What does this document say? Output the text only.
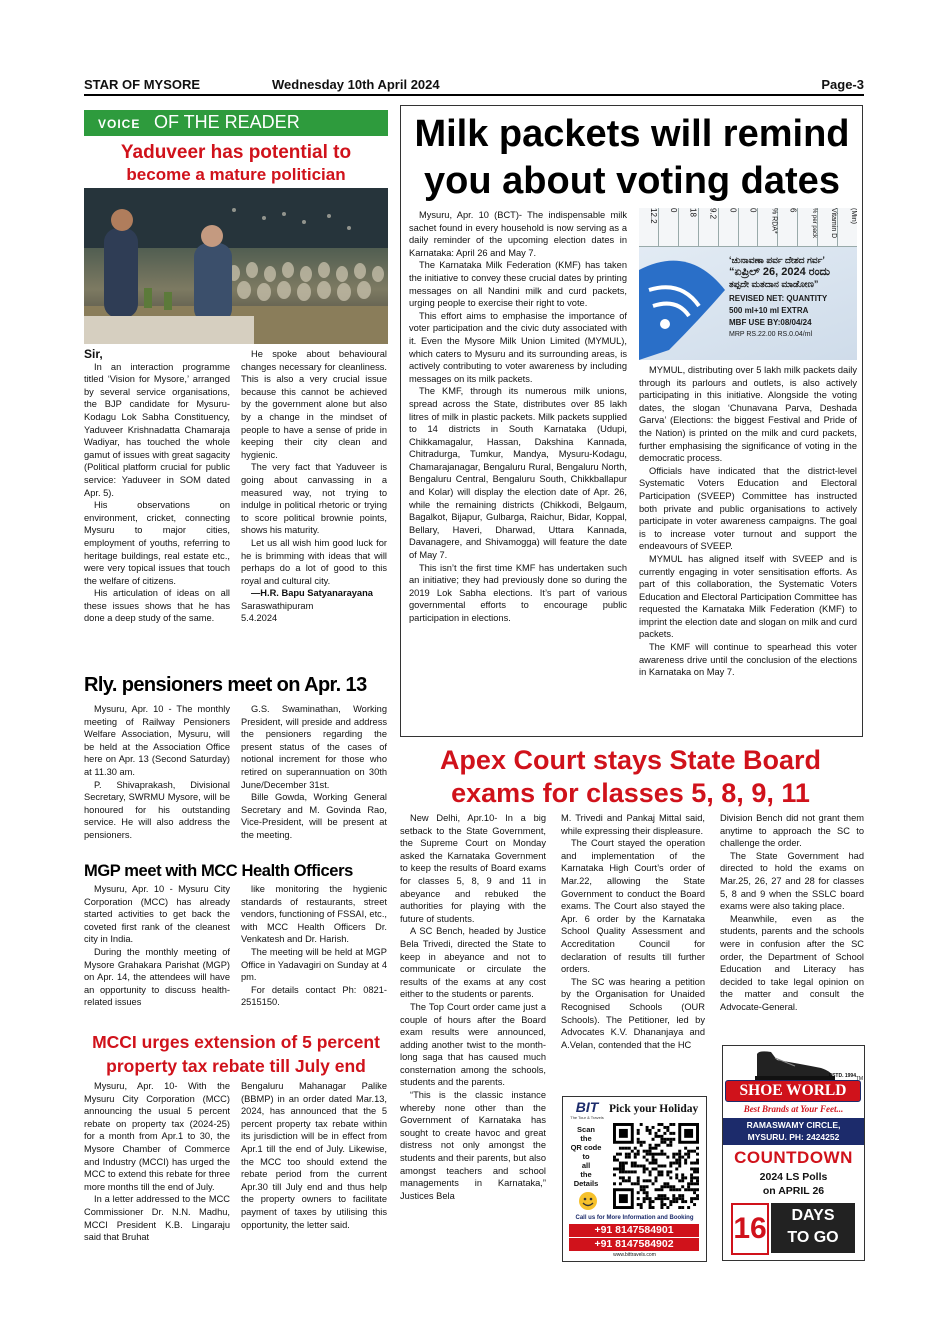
STAR OF MYSORE	Wednesday 10th April 2024	Page-3
VOICE OF THE READER
Yaduveer has potential to
become a mature politician

Sir,

In an interaction programme titled ‘Vision for Mysore,’ arranged by several service organisations, the BJP candidate for Mysuru-Kodagu Lok Sabha Constituency, Yaduveer Krishnadatta Chamaraja Wadiyar, has touched the whole gamut of issues with great sagacity (Political platform crucial for public service: Yaduveer in SOM dated Apr. 5).

His observations on environment, cricket, connecting Mysuru to major cities, employment of youths, referring to heritage buildings, real estate etc., were very topical issues that touch the welfare of citizens.

His articulation of ideas on all these issues shows that he has done a deep study of the same.

He spoke about behavioural changes necessary for cleanliness. This is also a very crucial issue because this cannot be achieved by the government alone but also by a change in the mindset of people to have a sense of pride in keeping their city clean and hygienic.

The very fact that Yaduveer is going about canvassing in a measured way, not trying to indulge in political rhetoric or trying to score political brownie points, shows his maturity.

Let us all wish him good luck for he is brimming with ideas that will perhaps do a lot of good to this royal and cultural city.

—H.R. Bapu Satyanarayana

Saraswathipuram

5.4.2024

Milk packets will remind
you about voting dates

Mysuru, Apr. 10 (BCT)- The indispensable milk sachet found in every household is now serving as a daily reminder of the upcoming election dates in Karnataka: April 26 and May 7.

The Karnataka Milk Federation (KMF) has taken the initiative to convey these crucial dates by printing messages on all Nandini milk and curd packets, urging people to exercise their right to vote.

This effort aims to emphasise the importance of voter participation and the civic duty associated with it. Even the Mysore Milk Union Limited (MYMUL), which caters to Mysuru and its surrounding areas, is actively contributing to voter awareness by including messages on its milk packets.

The KMF, through its numerous milk unions, spread across the State, distributes over 85 lakh litres of milk in plastic packets. Milk packets supplied to 14 districts in South Karnataka (Udupi, Chikkamagalur, Hassan, Dakshina Kannada, Chitradurga, Tumkur, Mandya, Mysuru-Kodagu, Chamarajanagar, Bengaluru Rural, Bengaluru North, Bengaluru Central, Bengaluru South, Chikkballapur and Kolar) will display the election date of Apr. 26, while the remaining districts (Chikkodi, Belgaum, Bagalkot, Bijapur, Gulbarga, Raichur, Bidar, Koppal, Bellary, Haveri, Dharwad, Uttara Kannada, Davanagere, and Shivamogga) will feature the date of May 7.

This isn’t the first time KMF has undertaken such an initiative; they had previously done so during the 2019 Lok Sabha elections. It’s part of various governmental efforts to encourage public participation in elections.

12.2	0	18	9.2	0	0	% RDA*	6	% per pack	Vitamin D	(Min)
‘ಚುನಾವಣಾ ಪರ್ವ ದೇಶದ ಗರ್ವ’
“ಏಪ್ರಿಲ್ 26, 2024 ರಂದು
ತಪ್ಪದೇ ಮತದಾನ ಮಾಡೋಣ”
REVISED NET: QUANTITY
500 ml+10 ml EXTRA
MBF USE BY:08/04/24
MRP RS.22.00 RS.0.04/ml

MYMUL, distributing over 5 lakh milk packets daily through its parlours and outlets, is also actively participating in this initiative. Alongside the voting dates, the slogan ‘Chunavana Parva, Deshada Garva’ (Elections: the biggest Festival and Pride of the Nation) is printed on the milk and curd packets, further emphasising the significance of voting in the democratic process.

Officials have indicated that the district-level Systematic Voters Education and Electoral Participation (SVEEP) Committee has instructed both private and public organisations to actively participate in voter awareness campaigns. The goal is to increase voter turnout and support the endeavours of SVEEP.

MYMUL has aligned itself with SVEEP and is currently engaging in voter sensitisation efforts. As part of this collaboration, the Systematic Voters Education and Electoral Participation Committee has requested the Karnataka Milk Federation (KMF) to imprint the election date and slogan on milk and curd packets.

The KMF will continue to spearhead this voter awareness drive until the conclusion of the elections in Karnataka on May 7.

Rly. pensioners meet on Apr. 13

Mysuru, Apr. 10 - The monthly meeting of Railway Pensioners Welfare Association, Mysuru, will be held at the Association Office here on Apr. 13 (Second Saturday) at 11.30 am.

P. Shivaprakash, Divisional Secretary, SWRMU Mysore, will be honoured for his outstanding service. He will also address the pensioners.

G.S. Swaminathan, Working President, will preside and address the pensioners regarding the present status of the cases of notional increment for those who retired on superannuation on 30th June/December 31st.

Bille Gowda, Working General Secretary and M. Govinda Rao, Vice-President, will be present at the meeting.

MGP meet with MCC Health Officers

Mysuru, Apr. 10 - Mysuru City Corporation (MCC) has already started activities to get back the coveted first rank of the cleanest city in India.

During the monthly meeting of Mysore Grahakara Parishat (MGP) on Apr. 14, the attendees will have an opportunity to discuss health-related issues

like monitoring the hygienic standards of restaurants, street vendors, functioning of FSSAI, etc., with MCC Health Officers Dr. Venkatesh and Dr. Harish.

The meeting will be held at MGP Office in Yadavagiri on Sunday at 4 pm.

For details contact Ph: 0821-2515150.

MCCI urges extension of 5 percent
property tax rebate till July end

Mysuru, Apr. 10- With the Mysuru City Corporation (MCC) announcing the usual 5 percent rebate on property tax (2024-25) for a month from Apr.1 to 30, the Mysore Chamber of Commerce and Industry (MCCI) has urged the MCC to extend this rebate for three more months till the end of July.

In a letter addressed to the MCC Commissioner Dr. N.N. Madhu, MCCI President K.B. Lingaraju said that Bruhat

Bengaluru Mahanagar Palike (BBMP) in an order dated Mar.13, 2024, has announced that the 5 percent property tax rebate within its jurisdiction will be in effect from Apr.1 till the end of July. Likewise, the MCC too should extend the rebate period from the current Apr.30 till July end and thus help the property owners to facilitate payment of taxes by utilising this opportunity, the letter said.

Apex Court stays State Board
exams for classes 5, 8, 9, 11

New Delhi, Apr.10- In a big setback to the State Government, the Supreme Court on Monday asked the Karnataka Government to keep the results of Board exams for classes 5, 8, 9 and 11 in abeyance and rebuked the authorities for playing with the future of students.

A SC Bench, headed by Justice Bela Trivedi, directed the State to keep in abeyance and not to communicate or circulate the results of the exams at any cost either to the students or parents.

The Top Court order came just a couple of hours after the Board exam results were announced, adding another twist to the month-long saga that has caused much consternation among the schools, students and the parents.

“This is the classic instance whereby none other than the Government of Karnataka has sought to create havoc and great distress not only amongst the students and their parents, but also amongst teachers and school managements in Karnataka,” Justices Bela

M. Trivedi and Pankaj Mittal said, while expressing their displeasure.

The Court stayed the operation and implementation of the Karnataka High Court’s order of Mar.22, allowing the State Government to conduct the Board exams. The Court also stayed the Apr. 6 order by the Karnataka School Quality Assessment and Accreditation Council for declaration of results till further orders.

The SC was hearing a petition by the Organisation for Unaided Recognised Schools (OUR Schools). The Petitioner, led by Advocates K.V. Dhananjaya and A.Velan, contended that the HC

Division Bench did not grant them anytime to approach the SC to challenge the order.

The State Government had directed to hold the exams on Mar.25, 26, 27 and 28 for classes 5, 8 and 9 when the SSLC board exams were also taking place.

Meanwhile, even as the students, parents and the schools were in confusion after the SC order, the Department of School Education and Literacy has decided to take legal opinion on the matter and consult the Advocate-General.

BIT
The Tour & Travels
Pick your Holiday
Scan
the
QR code
to
all
the
Details
Call us for More Information and Booking
+91 8147584901
+91 8147584902
www.bittravels.com
SHOE WORLD
ESTD. 1994 TM
Best Brands at Your Feet...
RAMASWAMY CIRCLE,
MYSURU. PH: 2424252
COUNTDOWN
2024 LS Polls
on APRIL 26
16	DAYS
TO GO
